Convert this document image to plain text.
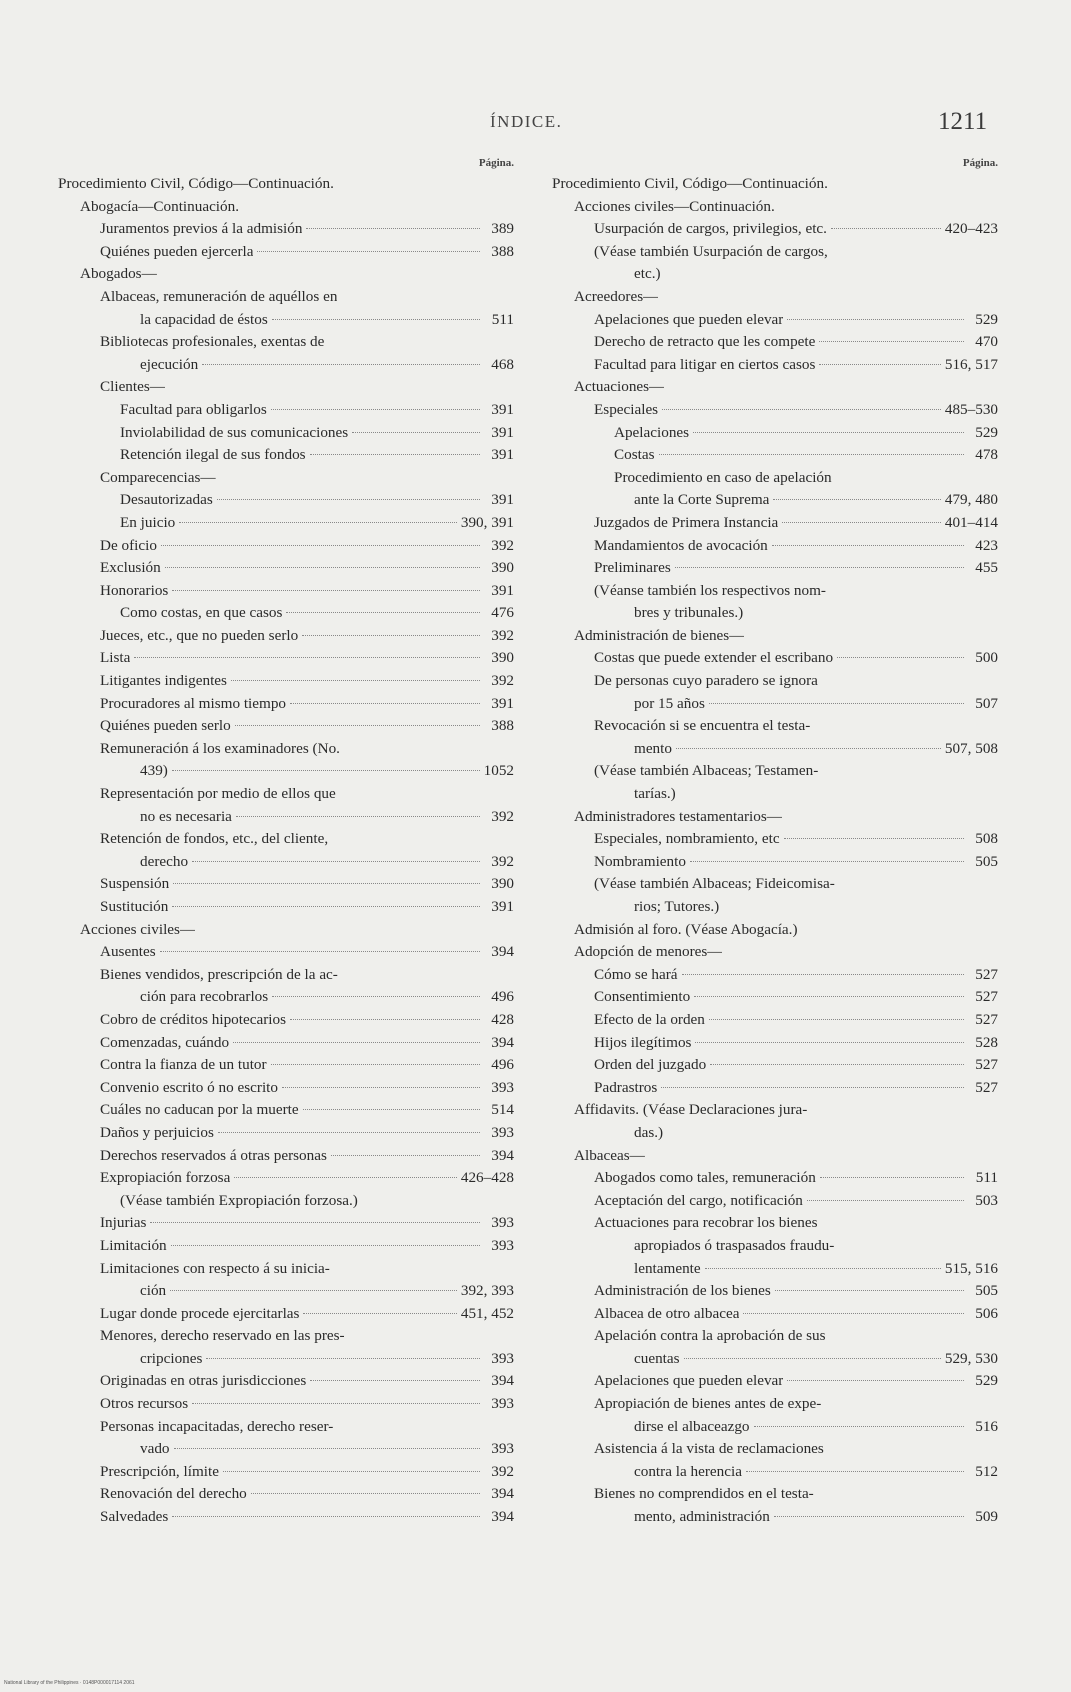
ÍNDICE.	1211
Página.
Procedimiento Civil, Código—Continuación.
Abogacía—Continuación.
Juramentos previos á la admisión	389
Quiénes pueden ejercerla	388
Abogados—
Albaceas, remuneración de aquéllos en
la capacidad de éstos	511
Bibliotecas profesionales, exentas de
ejecución	468
Clientes—
Facultad para obligarlos	391
Inviolabilidad de sus comunicaciones	391
Retención ilegal de sus fondos	391
Comparecencias—
Desautorizadas	391
En juicio	390, 391
De oficio	392
Exclusión	390
Honorarios	391
Como costas, en que casos	476
Jueces, etc., que no pueden serlo	392
Lista	390
Litigantes indigentes	392
Procuradores al mismo tiempo	391
Quiénes pueden serlo	388
Remuneración á los examinadores (No.
439)	1052
Representación por medio de ellos que
no es necesaria	392
Retención de fondos, etc., del cliente,
derecho	392
Suspensión	390
Sustitución	391
Acciones civiles—
Ausentes	394
Bienes vendidos, prescripción de la ac-
ción para recobrarlos	496
Cobro de créditos hipotecarios	428
Comenzadas, cuándo	394
Contra la fianza de un tutor	496
Convenio escrito ó no escrito	393
Cuáles no caducan por la muerte	514
Daños y perjuicios	393
Derechos reservados á otras personas	394
Expropiación forzosa	426–428
(Véase también Expropiación forzosa.)
Injurias	393
Limitación	393
Limitaciones con respecto á su inicia-
ción	392, 393
Lugar donde procede ejercitarlas	451, 452
Menores, derecho reservado en las pres-
cripciones	393
Originadas en otras jurisdicciones	394
Otros recursos	393
Personas incapacitadas, derecho reser-
vado	393
Prescripción, límite	392
Renovación del derecho	394
Salvedades	394
Página.
Procedimiento Civil, Código—Continuación.
Acciones civiles—Continuación.
Usurpación de cargos, privilegios, etc.	420–423
(Véase también Usurpación de cargos,
etc.)
Acreedores—
Apelaciones que pueden elevar	529
Derecho de retracto que les compete	470
Facultad para litigar en ciertos casos	516, 517
Actuaciones—
Especiales	485–530
Apelaciones	529
Costas	478
Procedimiento en caso de apelación
ante la Corte Suprema	479, 480
Juzgados de Primera Instancia	401–414
Mandamientos de avocación	423
Preliminares	455
(Véanse también los respectivos nom-
bres y tribunales.)
Administración de bienes—
Costas que puede extender el escribano	500
De personas cuyo paradero se ignora
por 15 años	507
Revocación si se encuentra el testa-
mento	507, 508
(Véase también Albaceas; Testamen-
tarías.)
Administradores testamentarios—
Especiales, nombramiento, etc	508
Nombramiento	505
(Véase también Albaceas; Fideicomisa-
rios; Tutores.)
Admisión al foro. (Véase Abogacía.)
Adopción de menores—
Cómo se hará	527
Consentimiento	527
Efecto de la orden	527
Hijos ilegítimos	528
Orden del juzgado	527
Padrastros	527
Affidavits. (Véase Declaraciones jura-
das.)
Albaceas—
Abogados como tales, remuneración	511
Aceptación del cargo, notificación	503
Actuaciones para recobrar los bienes
apropiados ó traspasados fraudu-
lentamente	515, 516
Administración de los bienes	505
Albacea de otro albacea	506
Apelación contra la aprobación de sus
cuentas	529, 530
Apelaciones que pueden elevar	529
Apropiación de bienes antes de expe-
dirse el albaceazgo	516
Asistencia á la vista de reclamaciones
contra la herencia	512
Bienes no comprendidos en el testa-
mento, administración	509
National Library of the Philippines · 0148P000017114 2061
